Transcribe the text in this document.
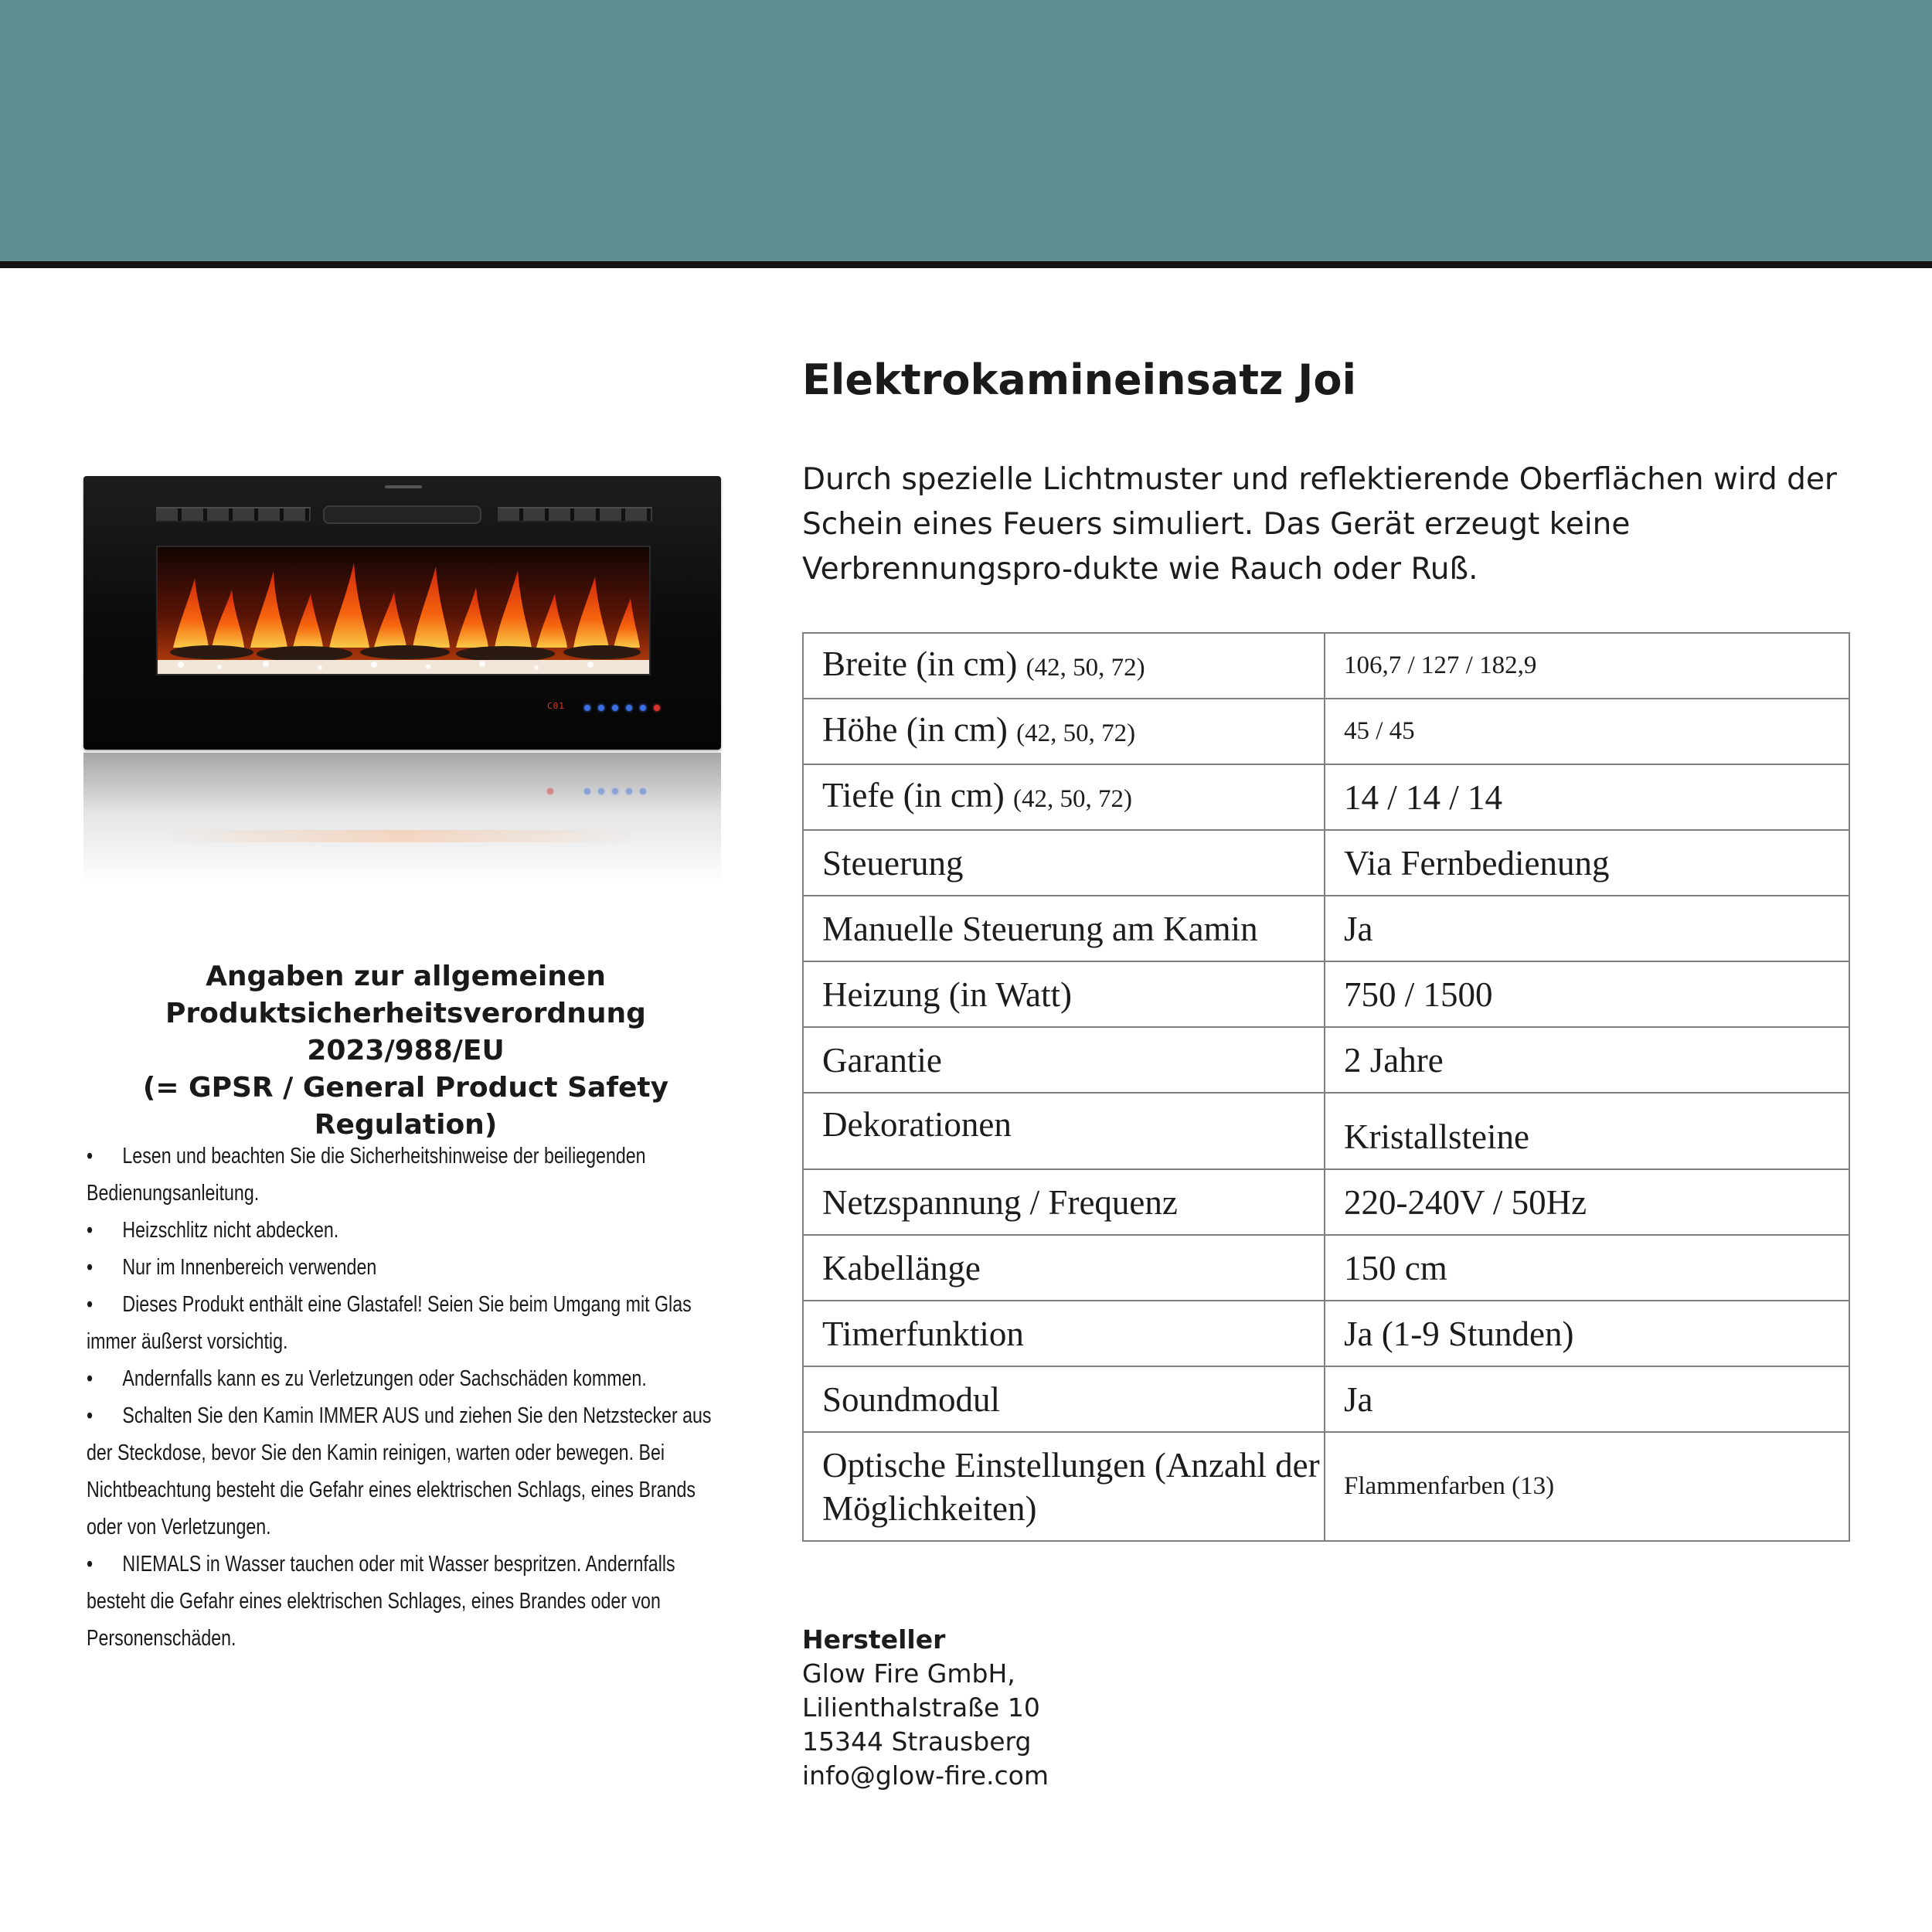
C01
Angaben zur allgemeinen
Produktsicherheitsverordnung 2023/988/EU
(= GPSR / General Product Safety Regulation)
• Lesen und beachten Sie die Sicherheitshinweise der beiliegenden Bedienungsanleitung.
• Heizschlitz nicht abdecken.
• Nur im Innenbereich verwenden
• Dieses Produkt enthält eine Glastafel! Seien Sie beim Umgang mit Glas immer äußerst vorsichtig.
• Andernfalls kann es zu Verletzungen oder Sachschäden kommen.
• Schalten Sie den Kamin IMMER AUS und ziehen Sie den Netzstecker aus der Steckdose, bevor Sie den Kamin reinigen, warten oder bewegen. Bei Nichtbeachtung besteht die Gefahr eines elektrischen Schlags, eines Brands oder von Verletzungen.
• NIEMALS in Wasser tauchen oder mit Wasser bespritzen. Andernfalls besteht die Gefahr eines elektrischen Schlages, eines Brandes oder von Personenschäden.
Elektrokamineinsatz Joi

Durch spezielle Lichtmuster und reflektierende Oberflächen wird der Schein eines Feuers simuliert. Das Gerät erzeugt keine Verbrennungspro-dukte wie Rauch oder Ruß.

Breite (in cm) (42, 50, 72)	106,7 / 127 / 182,9
Höhe (in cm) (42, 50, 72)	45 / 45
Tiefe (in cm) (42, 50, 72)	14 / 14 / 14
Steuerung	Via Fernbedienung
Manuelle Steuerung am Kamin	Ja
Heizung (in Watt)	750 / 1500
Garantie	2 Jahre
Dekorationen	Kristallsteine
Netzspannung / Frequenz	220-240V / 50Hz
Kabellänge	150 cm
Timerfunktion	Ja (1-9 Stunden)
Soundmodul	Ja
Optische Einstellungen (Anzahl der Möglichkeiten)	Flammenfarben (13)
Hersteller
Glow Fire GmbH,
Lilienthalstraße 10
15344 Strausberg
info@glow-fire.com
